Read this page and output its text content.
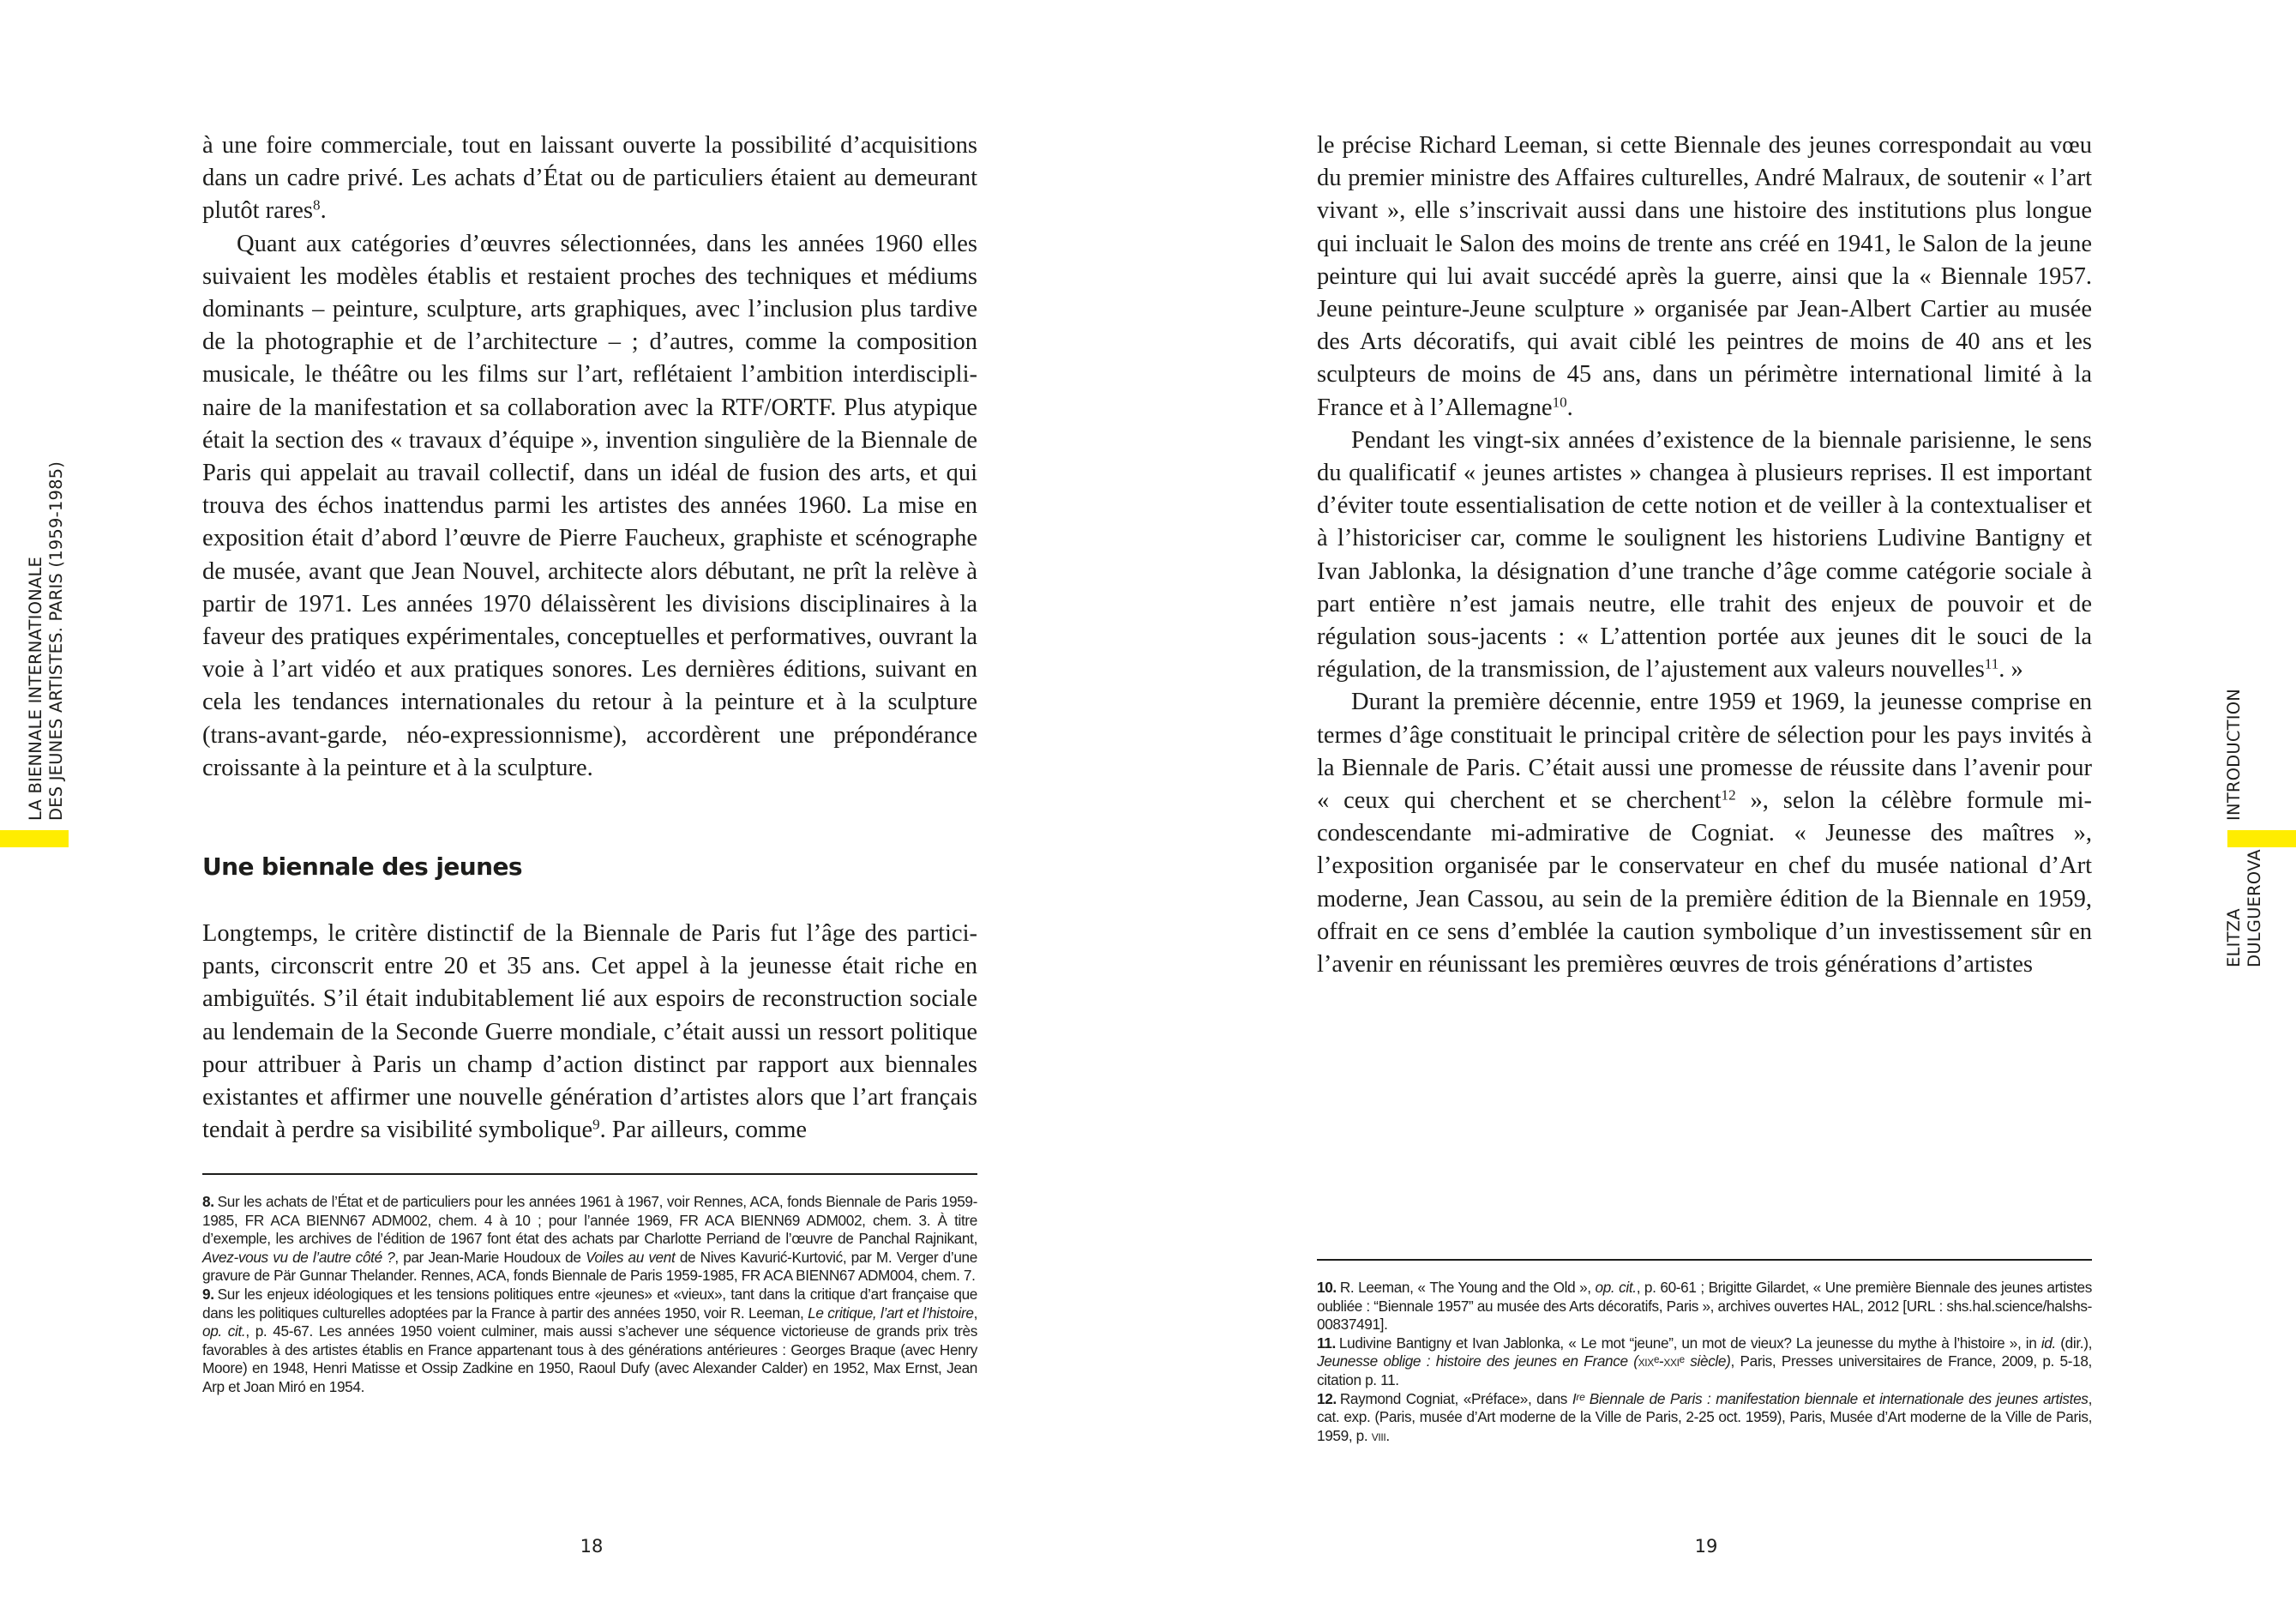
LA BIENNALE INTERNATIONALE DES JEUNES ARTISTES. PARIS (1959-1985)

à une foire commerciale, tout en laissant ouverte la possibilité d’acquisitions dans un cadre privé. Les achats d’État ou de particuliers étaient au demeurant plutôt rares$^8$.

Quant aux catégories d’œuvres sélectionnées, dans les années 1960 elles suivaient les modèles établis et restaient proches des techniques et médiums dominants – peinture, sculpture, arts graphiques, avec l’inclusion plus tardive de la photographie et de l’architecture – ; d’autres, comme la composition musicale, le théâtre ou les films sur l’art, reflétaient l’ambition interdisciplinaire de la manifestation et sa collaboration avec la RTF/ORTF. Plus atypique était la section des « travaux d’équipe », invention singulière de la Biennale de Paris qui appelait au travail collectif, dans un idéal de fusion des arts, et qui trouva des échos inattendus parmi les artistes des années 1960. La mise en exposition était d’abord l’œuvre de Pierre Faucheux, graphiste et scénographe de musée, avant que Jean Nouvel, architecte alors débutant, ne prît la relève à partir de 1971. Les années 1970 délaissèrent les divisions disciplinaires à la faveur des pratiques expérimentales, conceptuelles et performatives, ouvrant la voie à l’art vidéo et aux pratiques sonores. Les dernières éditions, suivant en cela les tendances internationales du retour à la peinture et à la sculpture (trans-avant-garde, néo-expressionnisme), accordèrent une prépondérance croissante à la peinture et à la sculpture.

Une biennale des jeunes

Longtemps, le critère distinctif de la Biennale de Paris fut l’âge des participants, circonscrit entre 20 et 35 ans. Cet appel à la jeunesse était riche en ambiguïtés. S’il était indubitablement lié aux espoirs de reconstruction sociale au lendemain de la Seconde Guerre mondiale, c’était aussi un ressort politique pour attribuer à Paris un champ d’action distinct par rapport aux biennales existantes et affirmer une nouvelle génération d’artistes alors que l’art français tendait à perdre sa visibilité symbolique$^9$. Par ailleurs, comme

8. Sur les achats de l’État et de particuliers pour les années 1961 à 1967, voir Rennes, ACA, fonds Biennale de Paris 1959-1985, FR ACA BIENN67 ADM002, chem. 4 à 10 ; pour l’année 1969, FR ACA BIENN69 ADM002, chem. 3. À titre d’exemple, les archives de l’édition de 1967 font état des achats par Charlotte Perriand de l’œuvre de Panchal Rajnikant, Avez-vous vu de l’autre côté ?, par Jean-Marie Houdoux de Voiles au vent de Nives Kavurić-Kurtović, par M. Verger d’une gravure de Pär Gunnar Thelander. Rennes, ACA, fonds Biennale de Paris 1959-1985, FR ACA BIENN67 ADM004, chem. 7.

9. Sur les enjeux idéologiques et les tensions politiques entre «jeunes» et «vieux», tant dans la critique d’art française que dans les politiques culturelles adoptées par la France à partir des années 1950, voir R. Leeman, Le critique, l’art et l’histoire, op. cit., p. 45-67. Les années 1950 voient culminer, mais aussi s’achever une séquence victorieuse de grands prix très favorables à des artistes établis en France appartenant tous à des générations antérieures : Georges Braque (avec Henry Moore) en 1948, Henri Matisse et Ossip Zadkine en 1950, Raoul Dufy (avec Alexander Calder) en 1952, Max Ernst, Jean Arp et Joan Miró en 1954.

18

le précise Richard Leeman, si cette Biennale des jeunes correspondait au vœu du premier ministre des Affaires culturelles, André Malraux, de soutenir « l’art vivant », elle s’inscrivait aussi dans une histoire des institutions plus longue qui incluait le Salon des moins de trente ans créé en 1941, le Salon de la jeune peinture qui lui avait succédé après la guerre, ainsi que la « Biennale 1957. Jeune peinture-Jeune sculpture » organisée par Jean-Albert Cartier au musée des Arts décoratifs, qui avait ciblé les peintres de moins de 40 ans et les sculpteurs de moins de 45 ans, dans un périmètre international limité à la France et à l’Allemagne$^{10}$.

Pendant les vingt-six années d’existence de la biennale parisienne, le sens du qualificatif « jeunes artistes » changea à plusieurs reprises. Il est important d’éviter toute essentialisation de cette notion et de veiller à la contextualiser et à l’historiciser car, comme le soulignent les historiens Ludivine Bantigny et Ivan Jablonka, la désignation d’une tranche d’âge comme catégorie sociale à part entière n’est jamais neutre, elle trahit des enjeux de pouvoir et de régulation sous-jacents : « L’attention portée aux jeunes dit le souci de la régulation, de la transmission, de l’ajustement aux valeurs nouvelles$^{11}$. »

Durant la première décennie, entre 1959 et 1969, la jeunesse comprise en termes d’âge constituait le principal critère de sélection pour les pays invités à la Biennale de Paris. C’était aussi une promesse de réussite dans l’avenir pour « ceux qui cherchent et se cherchent$^{12}$ », selon la célèbre formule mi-condescendante mi-admirative de Cogniat. « Jeunesse des maîtres », l’exposition organisée par le conservateur en chef du musée national d’Art moderne, Jean Cassou, au sein de la première édition de la Biennale en 1959, offrait en ce sens d’emblée la caution symbolique d’un investissement sûr en l’avenir en réunissant les premières œuvres de trois générations d’artistes

10. R. Leeman, « The Young and the Old », op. cit., p. 60-61 ; Brigitte Gilardet, « Une première Biennale des jeunes artistes oubliée : “Biennale 1957” au musée des Arts décoratifs, Paris », archives ouvertes HAL, 2012 [URL : shs.hal.science/halshs-00837491].

11. Ludivine Bantigny et Ivan Jablonka, « Le mot “jeune”, un mot de vieux? La jeunesse du mythe à l’histoire », in id. (dir.), Jeunesse oblige : histoire des jeunes en France (xixᵉ-xxiᵉ siècle), Paris, Presses universitaires de France, 2009, p. 5-18, citation p. 11.

12. Raymond Cogniat, «Préface», dans Iʳᵉ Biennale de Paris : manifestation biennale et internationale des jeunes artistes, cat. exp. (Paris, musée d’Art moderne de la Ville de Paris, 2-25 oct. 1959), Paris, Musée d’Art moderne de la Ville de Paris, 1959, p. viii.

19
INTRODUCTION
ELITZA DULGUEROVA
